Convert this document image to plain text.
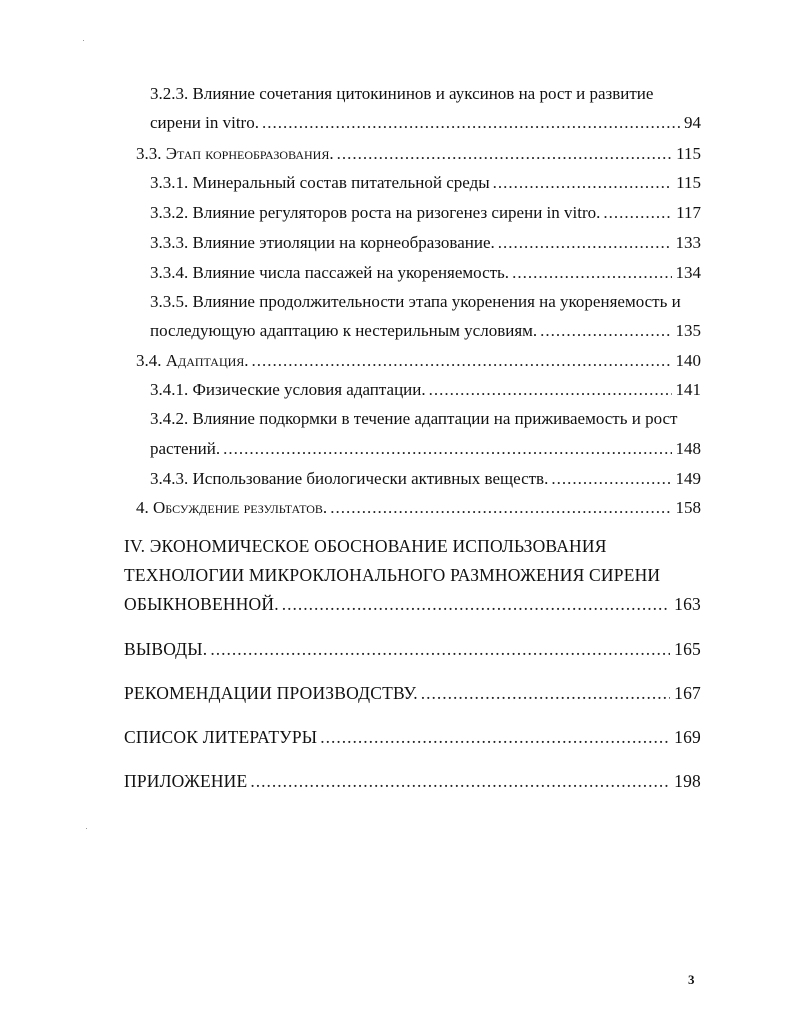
3.2.3. Влияние сочетания цитокининов и ауксинов на рост и развитие
сирени in vitro. .....	94
3.3. Этап корнеобразования. .....	115
3.3.1. Минеральный состав питательной среды .....	115
3.3.2. Влияние регуляторов роста на ризогенез сирени in vitro. .....	117
3.3.3. Влияние этиоляции на корнеобразование. .....	133
3.3.4. Влияние числа пассажей на укореняемость. .....	134
3.3.5. Влияние продолжительности этапа укоренения на укореняемость и
последующую адаптацию к нестерильным условиям. .....	135
3.4. Адаптация. .....	140
3.4.1. Физические условия адаптации. .....	141
3.4.2. Влияние подкормки в течение адаптации на приживаемость и рост
растений. .....	148
3.4.3. Использование биологически активных веществ. .....	149
4. Обсуждение результатов. .....	158
IV. ЭКОНОМИЧЕСКОЕ ОБОСНОВАНИЕ ИСПОЛЬЗОВАНИЯ
ТЕХНОЛОГИИ МИКРОКЛОНАЛЬНОГО РАЗМНОЖЕНИЯ СИРЕНИ
ОБЫКНОВЕННОЙ. .....	163
ВЫВОДЫ. .....	165
РЕКОМЕНДАЦИИ ПРОИЗВОДСТВУ. .....	167
СПИСОК ЛИТЕРАТУРЫ .....	169
ПРИЛОЖЕНИЕ .....	198
3
